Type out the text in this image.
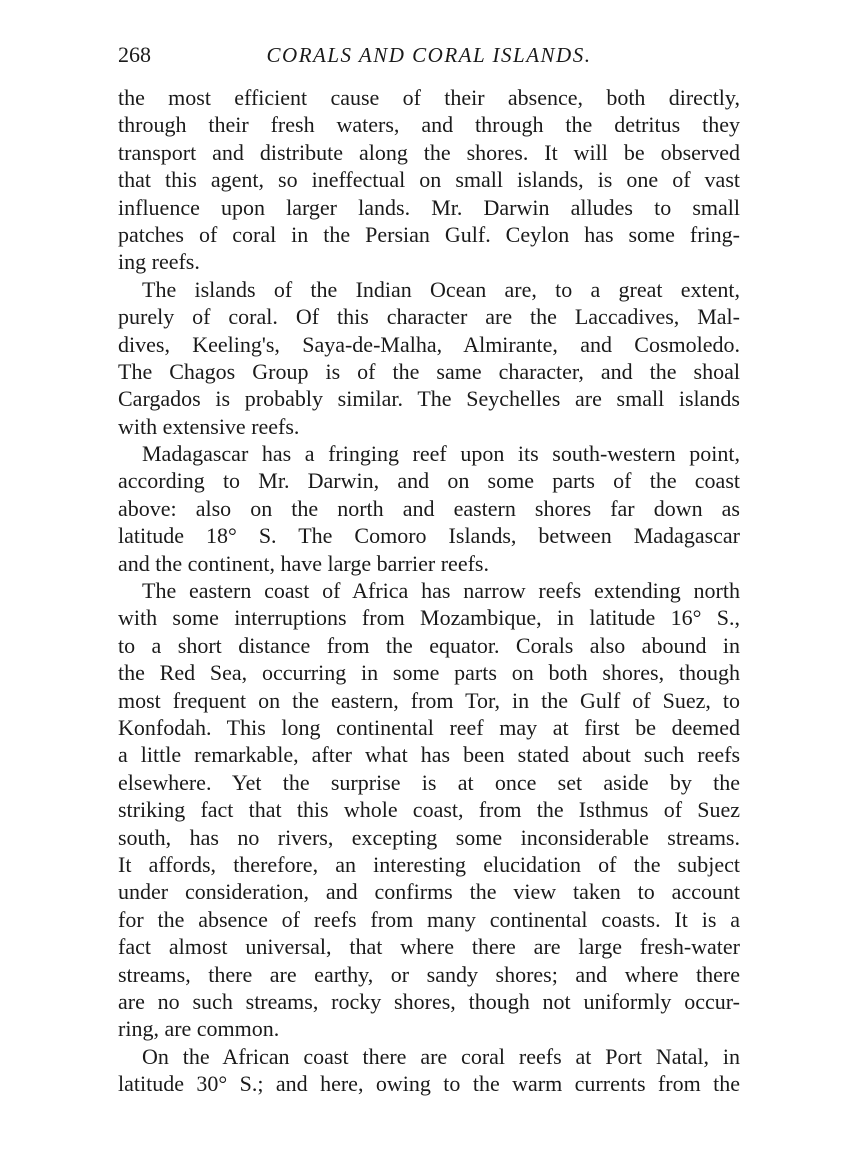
268	CORALS AND CORAL ISLANDS.
the most efficient cause of their absence, both directly,
through their fresh waters, and through the detritus they
transport and distribute along the shores. It will be observed
that this agent, so ineffectual on small islands, is one of vast
influence upon larger lands. Mr. Darwin alludes to small
patches of coral in the Persian Gulf. Ceylon has some fring-
ing reefs.
The islands of the Indian Ocean are, to a great extent,
purely of coral. Of this character are the Laccadives, Mal-
dives, Keeling's, Saya-de-Malha, Almirante, and Cosmoledo.
The Chagos Group is of the same character, and the shoal
Cargados is probably similar. The Seychelles are small islands
with extensive reefs.
Madagascar has a fringing reef upon its south-western point,
according to Mr. Darwin, and on some parts of the coast
above: also on the north and eastern shores far down as
latitude 18° S. The Comoro Islands, between Madagascar
and the continent, have large barrier reefs.
The eastern coast of Africa has narrow reefs extending north
with some interruptions from Mozambique, in latitude 16° S.,
to a short distance from the equator. Corals also abound in
the Red Sea, occurring in some parts on both shores, though
most frequent on the eastern, from Tor, in the Gulf of Suez, to
Konfodah. This long continental reef may at first be deemed
a little remarkable, after what has been stated about such reefs
elsewhere. Yet the surprise is at once set aside by the
striking fact that this whole coast, from the Isthmus of Suez
south, has no rivers, excepting some inconsiderable streams.
It affords, therefore, an interesting elucidation of the subject
under consideration, and confirms the view taken to account
for the absence of reefs from many continental coasts. It is a
fact almost universal, that where there are large fresh-water
streams, there are earthy, or sandy shores; and where there
are no such streams, rocky shores, though not uniformly occur-
ring, are common.
On the African coast there are coral reefs at Port Natal, in
latitude 30° S.; and here, owing to the warm currents from the
